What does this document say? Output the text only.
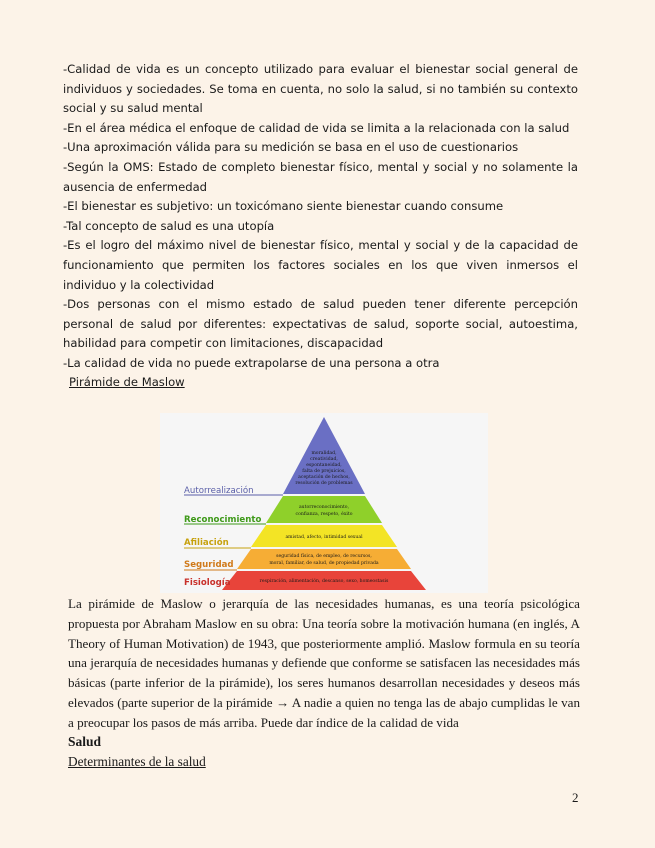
-Calidad de vida es un concepto utilizado para evaluar el bienestar social general de individuos y sociedades. Se toma en cuenta, no solo la salud, si no también su contexto social y su salud mental

-En el área médica el enfoque de calidad de vida se limita a la relacionada con la salud

-Una aproximación válida para su medición se basa en el uso de cuestionarios

-Según la OMS: Estado de completo bienestar físico, mental y social y no solamente la ausencia de enfermedad

-El bienestar es subjetivo: un toxicómano siente bienestar cuando consume

-Tal concepto de salud es una utopía

-Es el logro del máximo nivel de bienestar físico, mental y social y de la capacidad de funcionamiento que permiten los factores sociales en los que viven inmersos el individuo y la colectividad

-Dos personas con el mismo estado de salud pueden tener diferente percepción personal de salud por diferentes: expectativas de salud, soporte social, autoestima, habilidad para competir con limitaciones, discapacidad

-La calidad de vida no puede extrapolarse de una persona a otra

Pirámide de Maslow
moralidad,
creatividad,
espontaneidad,
falta de prejuicios,
aceptación de hechos,
resolución de problemas
autorreconocimiento,
confianza, respeto, éxito
amistad, afecto, intimidad sexual
seguridad física, de empleo, de recursos,
moral, familiar, de salud, de propiedad privada
respiración, alimentación, descanso, sexo, homeostasis
Autorrealización
Reconocimiento
Afiliación
Seguridad
Fisiología

La pirámide de Maslow o jerarquía de las necesidades humanas, es una teoría psicológica propuesta por Abraham Maslow en su obra: Una teoría sobre la motivación humana (en inglés, A Theory of Human Motivation) de 1943, que posteriormente amplió. Maslow formula en su teoría una jerarquía de necesidades humanas y defiende que conforme se satisfacen las necesidades más básicas (parte inferior de la pirámide), los seres humanos desarrollan necesidades y deseos más elevados (parte superior de la pirámide → A nadie a quien no tenga las de abajo cumplidas le van a preocupar los pasos de más arriba. Puede dar índice de la calidad de vida

Salud
Determinantes de la salud
2
